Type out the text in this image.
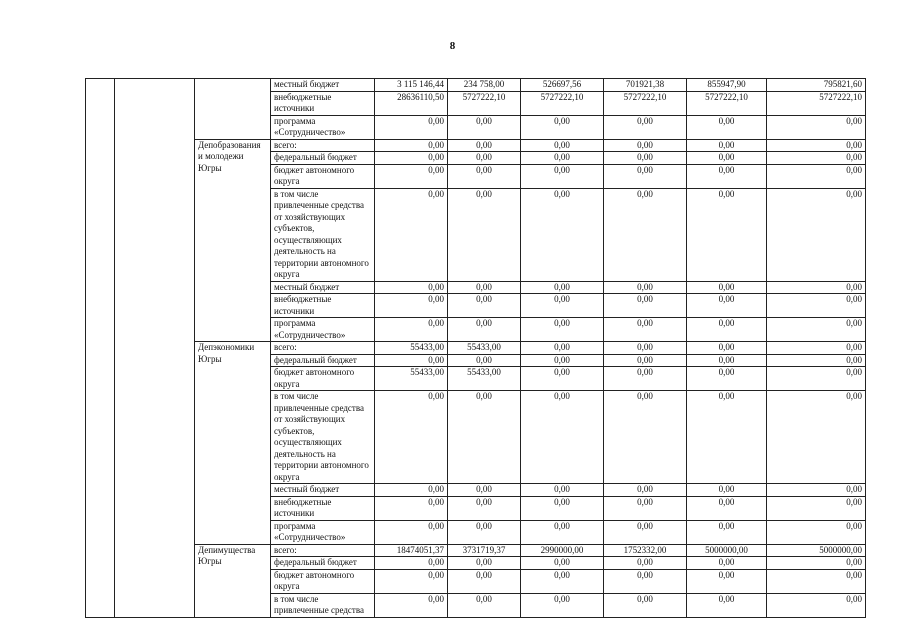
8
			местный бюджет	3 115 146,44	234 758,00	526697,56	701921,38	855947,90	795821,60
			внебюджетные источники	28636110,50	5727222,10	5727222,10	5727222,10	5727222,10	5727222,10
			программа «Сотрудничество»	0,00	0,00	0,00	0,00	0,00	0,00
		Депобразования и молодежи Югры	всего:	0,00	0,00	0,00	0,00	0,00	0,00
			федеральный бюджет	0,00	0,00	0,00	0,00	0,00	0,00
			бюджет автономного округа	0,00	0,00	0,00	0,00	0,00	0,00
			в том числе привлеченные средства от хозяйствующих субъектов, осуществляющих деятельность на территории автономного округа	0,00	0,00	0,00	0,00	0,00	0,00
			местный бюджет	0,00	0,00	0,00	0,00	0,00	0,00
			внебюджетные источники	0,00	0,00	0,00	0,00	0,00	0,00
			программа «Сотрудничество»	0,00	0,00	0,00	0,00	0,00	0,00
		Депэкономики Югры	всего:	55433,00	55433,00	0,00	0,00	0,00	0,00
			федеральный бюджет	0,00	0,00	0,00	0,00	0,00	0,00
			бюджет автономного округа	55433,00	55433,00	0,00	0,00	0,00	0,00
			в том числе привлеченные средства от хозяйствующих субъектов, осуществляющих деятельность на территории автономного округа	0,00	0,00	0,00	0,00	0,00	0,00
			местный бюджет	0,00	0,00	0,00	0,00	0,00	0,00
			внебюджетные источники	0,00	0,00	0,00	0,00	0,00	0,00
			программа «Сотрудничество»	0,00	0,00	0,00	0,00	0,00	0,00
		Депимущества Югры	всего:	18474051,37	3731719,37	2990000,00	1752332,00	5000000,00	5000000,00
			федеральный бюджет	0,00	0,00	0,00	0,00	0,00	0,00
			бюджет автономного округа	0,00	0,00	0,00	0,00	0,00	0,00
			в том числе привлеченные средства	0,00	0,00	0,00	0,00	0,00	0,00
